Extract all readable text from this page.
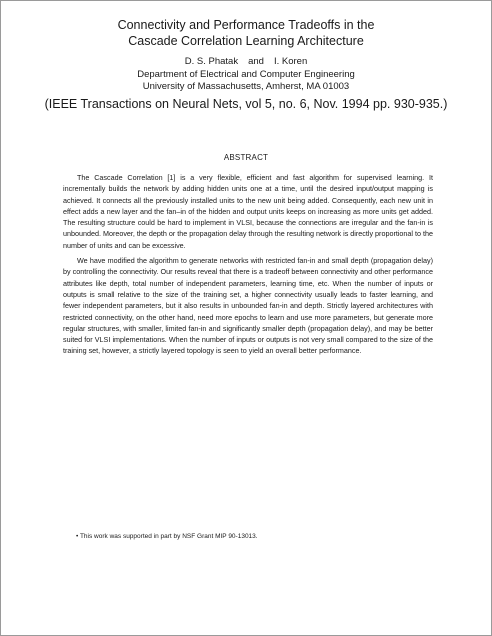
Connectivity and Performance Tradeoffs in the
Cascade Correlation Learning Architecture
D. S. Phatak and I. Koren
Department of Electrical and Computer Engineering
University of Massachusetts, Amherst, MA 01003
(IEEE Transactions on Neural Nets, vol 5, no. 6, Nov. 1994 pp. 930-935.)
ABSTRACT

The Cascade Correlation [1] is a very flexible, efficient and fast algorithm for supervised learning. It incrementally builds the network by adding hidden units one at a time, until the desired input/output mapping is achieved. It connects all the previously installed units to the new unit being added. Consequently, each new unit in effect adds a new layer and the fan–in of the hidden and output units keeps on increasing as more units get added. The resulting structure could be hard to implement in VLSI, because the connections are irregular and the fan-in is unbounded. Moreover, the depth or the propagation delay through the resulting network is directly proportional to the number of units and can be excessive.

We have modified the algorithm to generate networks with restricted fan-in and small depth (propagation delay) by controlling the connectivity. Our results reveal that there is a tradeoff between connectivity and other performance attributes like depth, total number of independent parameters, learning time, etc. When the number of inputs or outputs is small relative to the size of the training set, a higher connectivity usually leads to faster learning, and fewer independent parameters, but it also results in unbounded fan-in and depth. Strictly layered architectures with restricted connectivity, on the other hand, need more epochs to learn and use more parameters, but generate more regular structures, with smaller, limited fan-in and significantly smaller depth (propagation delay), and may be better suited for VLSI implementations. When the number of inputs or outputs is not very small compared to the size of the training set, however, a strictly layered topology is seen to yield an overall better performance.

• This work was supported in part by NSF Grant MIP 90-13013.
